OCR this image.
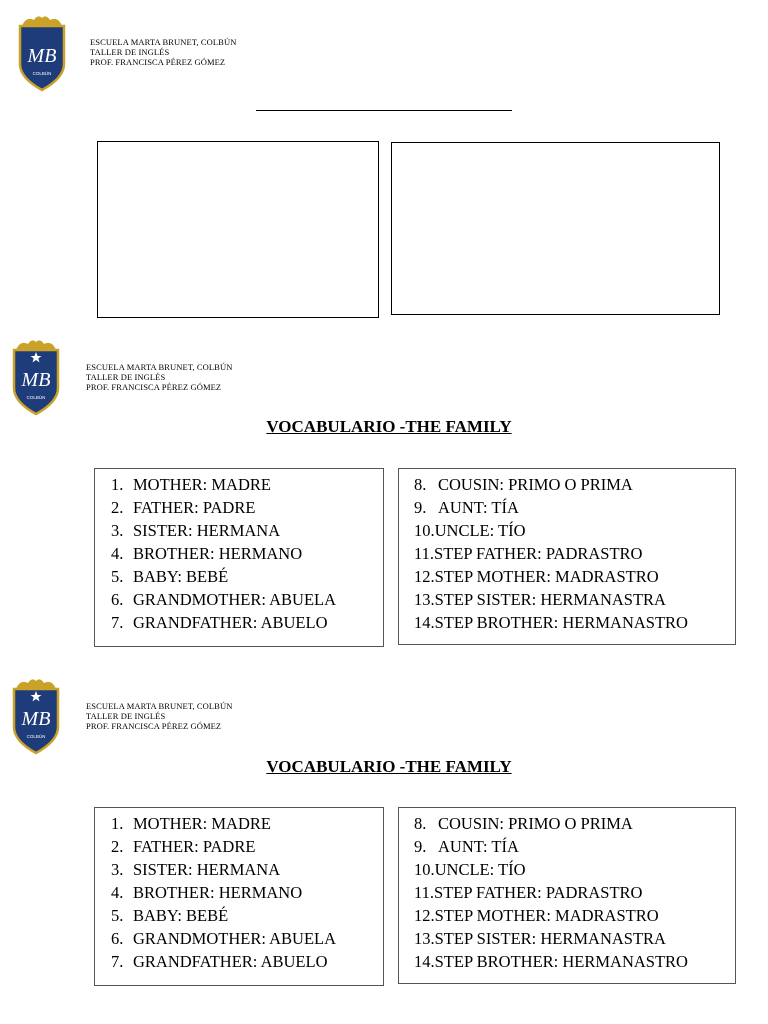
MB
COLBÚN
ESCUELA MARTA BRUNET, COLBÚN
TALLER DE INGLÉS
PROF. FRANCISCA PÉREZ GÓMEZ
MB
COLBÚN
ESCUELA MARTA BRUNET, COLBÚN
TALLER DE INGLÉS
PROF. FRANCISCA PÉREZ GÓMEZ
VOCABULARIO -THE FAMILY
1. MOTHER: MADRE
2. FATHER: PADRE
3. SISTER: HERMANA
4. BROTHER: HERMANO
5. BABY: BEBÉ
6. GRANDMOTHER: ABUELA
7. GRANDFATHER: ABUELO
8. COUSIN: PRIMO O PRIMA
9. AUNT: TÍA
10.UNCLE: TÍO
11.STEP FATHER: PADRASTRO
12.STEP MOTHER: MADRASTRO
13.STEP SISTER: HERMANASTRA
14.STEP BROTHER: HERMANASTRO
MB
COLBÚN
ESCUELA MARTA BRUNET, COLBÚN
TALLER DE INGLÉS
PROF. FRANCISCA PÉREZ GÓMEZ
VOCABULARIO -THE FAMILY
1. MOTHER: MADRE
2. FATHER: PADRE
3. SISTER: HERMANA
4. BROTHER: HERMANO
5. BABY: BEBÉ
6. GRANDMOTHER: ABUELA
7. GRANDFATHER: ABUELO
8. COUSIN: PRIMO O PRIMA
9. AUNT: TÍA
10.UNCLE: TÍO
11.STEP FATHER: PADRASTRO
12.STEP MOTHER: MADRASTRO
13.STEP SISTER: HERMANASTRA
14.STEP BROTHER: HERMANASTRO
